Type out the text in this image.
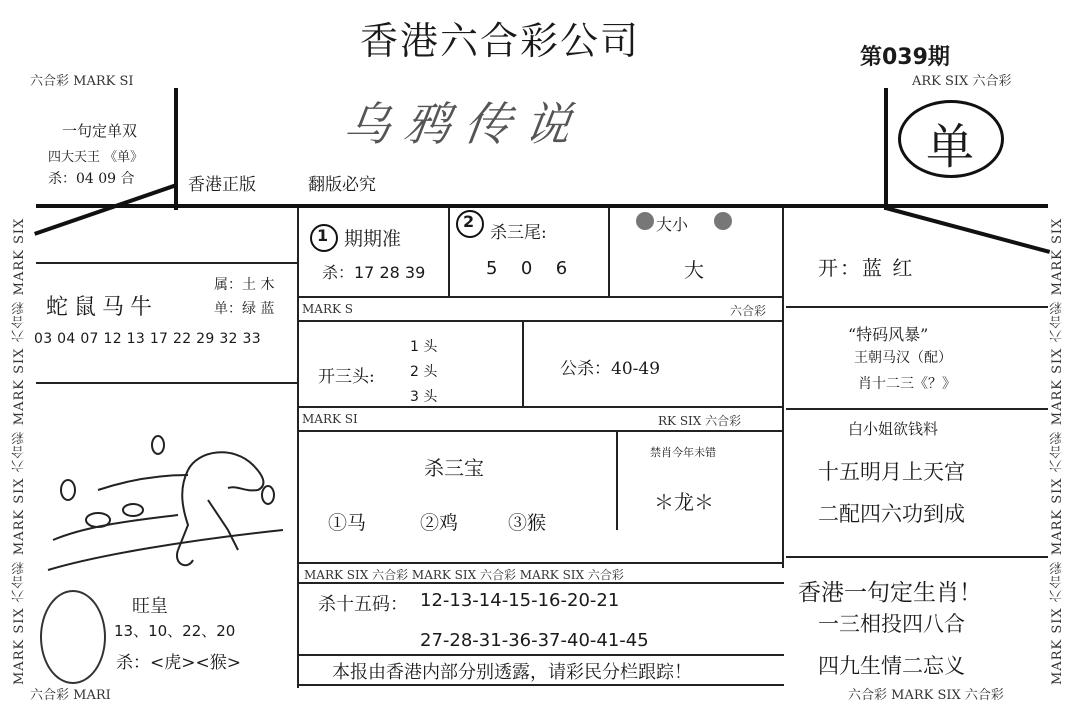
香港六合彩公司	第039期
乌鸦传说
六合彩 MARK SI	ARK SIX 六合彩
六合彩 MARI	六合彩 MARK SIX 六合彩
MARK SIX 六合彩 MARK SIX 六合彩 MARK SIX 六合彩 MARK SIX	MARK SIX 六合彩 MARK SIX 六合彩 MARK SIX 六合彩 MARK SIX
一句定单双
四大天王 《单》
杀：04 09 合	香港正版	翻版必究
单
蛇鼠马牛
属：土 木
单：绿 蓝
03 04 07 12 13 17 22 29 32 33
旺皇
13、10、22、20
杀：<虎><猴>
1 期期准
杀：17 28 39
2
杀三尾:
5  0  6
大小
大
MARK S	六合彩
开：蓝 红
开三头:
1 头
2 头
3 头
公杀：40-49
MARK SI	RK SIX 六合彩
杀三宝
①马	②鸡	③猴
禁肖今年未错
＊龙＊
MARK SIX 六合彩 MARK SIX 六合彩 MARK SIX 六合彩
杀十五码： 12-13-14-15-16-20-21
27-28-31-36-37-40-41-45
本报由香港内部分别透露，请彩民分栏跟踪！
“特码风暴”
王朝马汉（配）
肖十二三《？》
白小姐欲钱料
十五明月上天宫
二配四六功到成
香港一句定生肖！
一三相投四八合
四九生情二忘义
